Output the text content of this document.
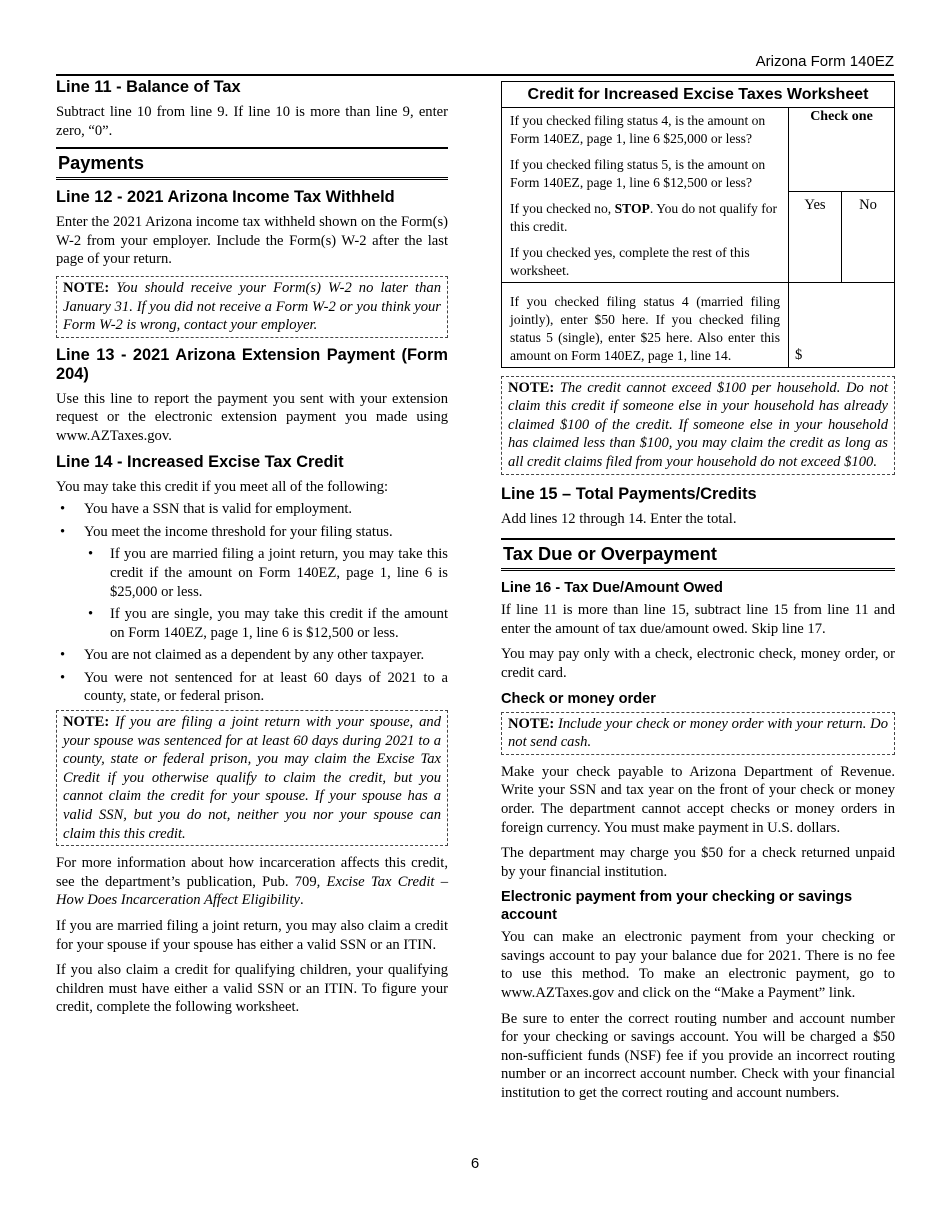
Arizona Form 140EZ
Line 11 - Balance of Tax

Subtract line 10 from line 9. If line 10 is more than line 9, enter zero, “0”.

Payments
Line 12 - 2021 Arizona Income Tax Withheld

Enter the 2021 Arizona income tax withheld shown on the Form(s) W-2 from your employer. Include the Form(s) W-2 after the last page of your return.

NOTE: You should receive your Form(s) W-2 no later than January 31. If you did not receive a Form W-2 or you think your Form W-2 is wrong, contact your employer.
Line 13 - 2021 Arizona Extension Payment (Form 204)

Use this line to report the payment you sent with your extension request or the electronic extension payment you made using www.AZTaxes.gov.

Line 14 - Increased Excise Tax Credit

You may take this credit if you meet all of the following:

• You have a SSN that is valid for employment.
• You meet the income threshold for your filing status.
• If you are married filing a joint return, you may take this credit if the amount on Form 140EZ, page 1, line 6 is $25,000 or less.
• If you are single, you may take this credit if the amount on Form 140EZ, page 1, line 6 is $12,500 or less.
• You are not claimed as a dependent by any other taxpayer.
• You were not sentenced for at least 60 days of 2021 to a county, state, or federal prison.
NOTE: If you are filing a joint return with your spouse, and your spouse was sentenced for at least 60 days during 2021 to a county, state or federal prison, you may claim the Excise Tax Credit if you otherwise qualify to claim the credit, but you cannot claim the credit for your spouse. If your spouse has a valid SSN, but you do not, neither you nor your spouse can claim this this credit.

For more information about how incarceration affects this credit, see the department’s publication, Pub. 709, Excise Tax Credit – How Does Incarceration Affect Eligibility.

If you are married filing a joint return, you may also claim a credit for your spouse if your spouse has either a valid SSN or an ITIN.

If you also claim a credit for qualifying children, your qualifying children must have either a valid SSN or an ITIN. To figure your credit, complete the following worksheet.

Credit for Increased Excise Taxes Worksheet
If you checked filing status 4, is the amount on Form 140EZ, page 1, line 6 $25,000 or less?
If you checked filing status 5, is the amount on Form 140EZ, page 1, line 6 $12,500 or less?
If you checked no, STOP. You do not qualify for this credit.
If you checked yes, complete the rest of this worksheet.
Check one
Yes	No
If you checked filing status 4 (married filing jointly), enter $50 here. If you checked filing status 5 (single), enter $25 here. Also enter this amount on Form 140EZ, page 1, line 14.	$
NOTE: The credit cannot exceed $100 per household. Do not claim this credit if someone else in your household has already claimed $100 of the credit. If someone else in your household has claimed less than $100, you may claim the credit as long as all credit claims filed from your household do not exceed $100.
Line 15 – Total Payments/Credits

Add lines 12 through 14. Enter the total.

Tax Due or Overpayment
Line 16 - Tax Due/Amount Owed

If line 11 is more than line 15, subtract line 15 from line 11 and enter the amount of tax due/amount owed. Skip line 17.

You may pay only with a check, electronic check, money order, or credit card.

Check or money order
NOTE: Include your check or money order with your return. Do not send cash.

Make your check payable to Arizona Department of Revenue. Write your SSN and tax year on the front of your check or money order. The department cannot accept checks or money orders in foreign currency. You must make payment in U.S. dollars.

The department may charge you $50 for a check returned unpaid by your financial institution.

Electronic payment from your checking or savings account

You can make an electronic payment from your checking or savings account to pay your balance due for 2021. There is no fee to use this method. To make an electronic payment, go to www.AZTaxes.gov and click on the “Make a Payment” link.

Be sure to enter the correct routing number and account number for your checking or savings account. You will be charged a $50 non-sufficient funds (NSF) fee if you provide an incorrect routing number or an incorrect account number. Check with your financial institution to get the correct routing and account numbers.

6
